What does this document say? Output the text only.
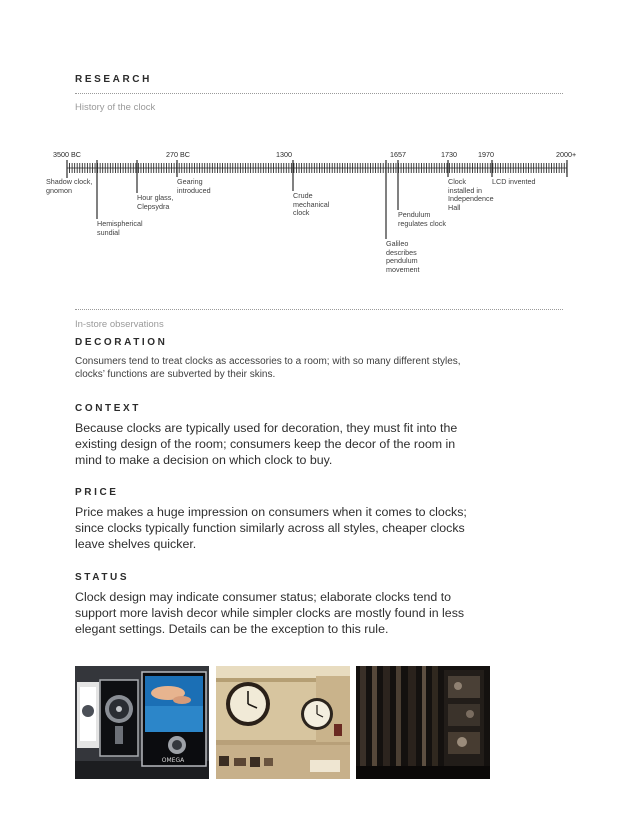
RESEARCH
History of the clock
3500 BC	270 BC	1300	1657	1730	1970	2000+
Shadow clock, gnomon
Hemispherical sundial
Hour glass, Clepsydra
Gearing introduced
Crude mechanical clock
Galileo describes pendulum movement
Pendulum regulates clock
Clock installed in Independence Hall
LCD invented
In-store observations
DECORATION
Consumers tend to treat clocks as accessories to a room; with so many different styles, clocks’ functions are subverted by their skins.
CONTEXT
Because clocks are typically used for decoration, they must fit into the existing design of the room; consumers keep the decor of the room in mind to make a decision on which clock to buy.
PRICE
Price makes a huge impression on consumers when it comes to clocks; since clocks typically function similarly across all styles, cheaper clocks leave shelves quicker.
STATUS
Clock design may indicate consumer status; elaborate clocks tend to support more lavish decor while simpler clocks are mostly found in less elegant settings. Details can be the exception to this rule.
OMEGA
